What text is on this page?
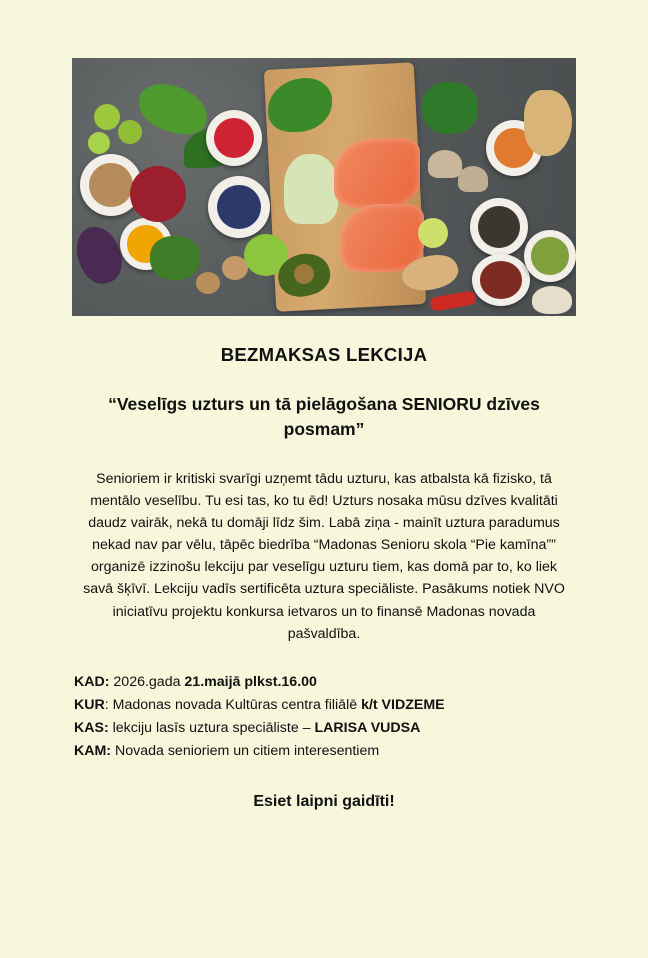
BEZMAKSAS LEKCIJA
“Veselīgs uzturs un tā pielāgošana SENIORU dzīves posmam”
Senioriem ir kritiski svarīgi uzņemt tādu uzturu, kas atbalsta kā fizisko, tā mentālo veselību. Tu esi tas, ko tu ēd! Uzturs nosaka mūsu dzīves kvalitāti daudz vairāk, nekā tu domāji līdz šim. Labā ziņa - mainīt uztura paradumus nekad nav par vēlu, tāpēc biedrība “Madonas Senioru skola “Pie kamīna”” organizē izzinošu lekciju par veselīgu uzturu tiem, kas domā par to, ko liek savā šķīvī. Lekciju vadīs sertificēta uztura speciāliste. Pasākums notiek NVO iniciatīvu projektu konkursa ietvaros un to finansē Madonas novada pašvaldība.
KAD: 2026.gada 21.maijā plkst.16.00
KUR: Madonas novada Kultūras centra filiālē k/t VIDZEME
KAS: lekciju lasīs uztura speciāliste – LARISA VUDSA
KAM: Novada senioriem un citiem interesentiem
Esiet laipni gaidīti!
